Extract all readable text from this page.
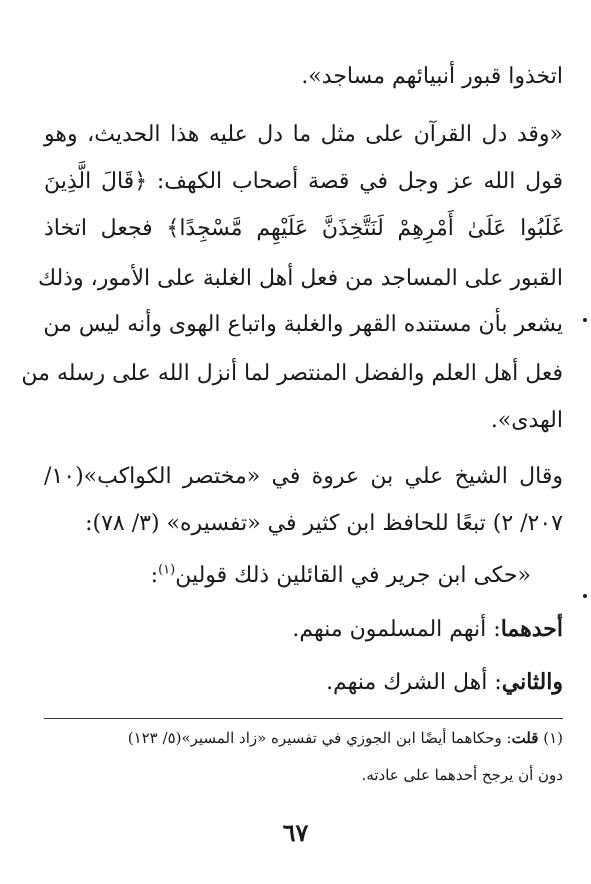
اتخذوا قبور أنبيائهم مساجد».
«وقد دل القرآن على مثل ما دل عليه هذا الحديث، وهو
قول الله عز وجل في قصة أصحاب الكهف: ﴿قَالَ الَّذِينَ
غَلَبُوا عَلَىٰ أَمْرِهِمْ لَنَتَّخِذَنَّ عَلَيْهِم مَّسْجِدًا﴾ فجعل اتخاذ
القبور على المساجد من فعل أهل الغلبة على الأمور، وذلك
يشعر بأن مستنده القهر والغلبة واتباع الهوى وأنه ليس من
فعل أهل العلم والفضل المنتصر لما أنزل الله على رسله من
الهدى».
وقال الشيخ علي بن عروة في «مختصر الكواكب»(١٠/
٢٠٧/ ٢) تبعًا للحافظ ابن كثير في «تفسيره» (٣/ ٧٨):
«حكى ابن جرير في القائلين ذلك قولين$^{(١)}$:
أحدهما: أنهم المسلمون منهم.
والثاني: أهل الشرك منهم.
(١) قلت: وحكاهما أيضًا ابن الجوزي في تفسيره «زاد المسير»(٥/ ١٢٣)
دون أن يرجح أحدهما على عادته.
٦٧
